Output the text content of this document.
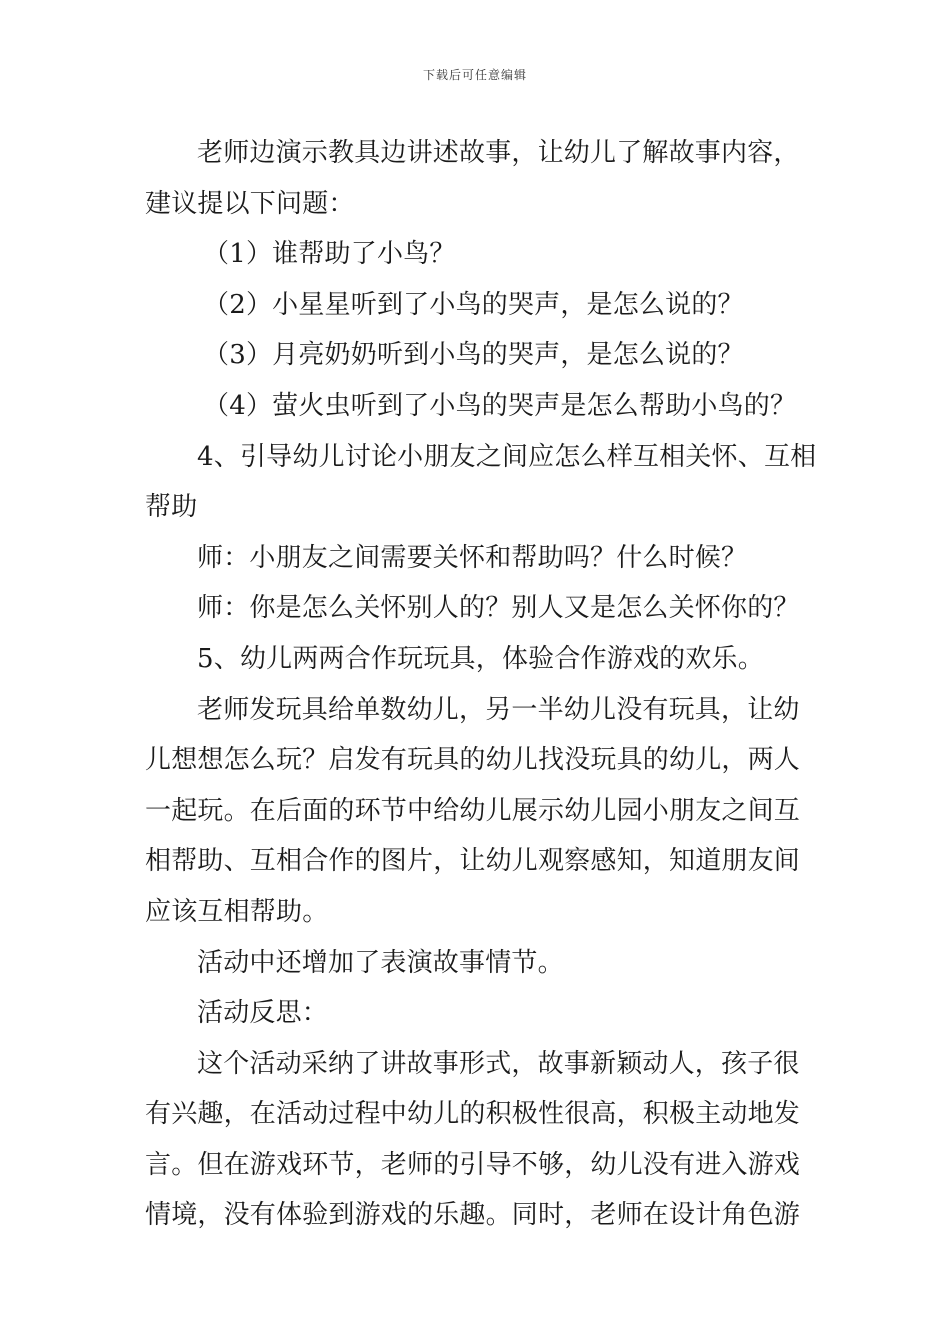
下载后可任意编辑
老师边演示教具边讲述故事，让幼儿了解故事内容，
建议提以下问题：
（1）谁帮助了小鸟？
（2）小星星听到了小鸟的哭声，是怎么说的？
（3）月亮奶奶听到小鸟的哭声，是怎么说的？
（4）萤火虫听到了小鸟的哭声是怎么帮助小鸟的？
4、引导幼儿讨论小朋友之间应怎么样互相关怀、互相
帮助
师：小朋友之间需要关怀和帮助吗？什么时候？
师：你是怎么关怀别人的？别人又是怎么关怀你的？
5、幼儿两两合作玩玩具，体验合作游戏的欢乐。
老师发玩具给单数幼儿，另一半幼儿没有玩具，让幼
儿想想怎么玩？启发有玩具的幼儿找没玩具的幼儿，两人
一起玩。在后面的环节中给幼儿展示幼儿园小朋友之间互
相帮助、互相合作的图片，让幼儿观察感知，知道朋友间
应该互相帮助。
活动中还增加了表演故事情节。
活动反思：
这个活动采纳了讲故事形式，故事新颖动人，孩子很
有兴趣，在活动过程中幼儿的积极性很高，积极主动地发
言。但在游戏环节，老师的引导不够，幼儿没有进入游戏
情境，没有体验到游戏的乐趣。同时，老师在设计角色游
